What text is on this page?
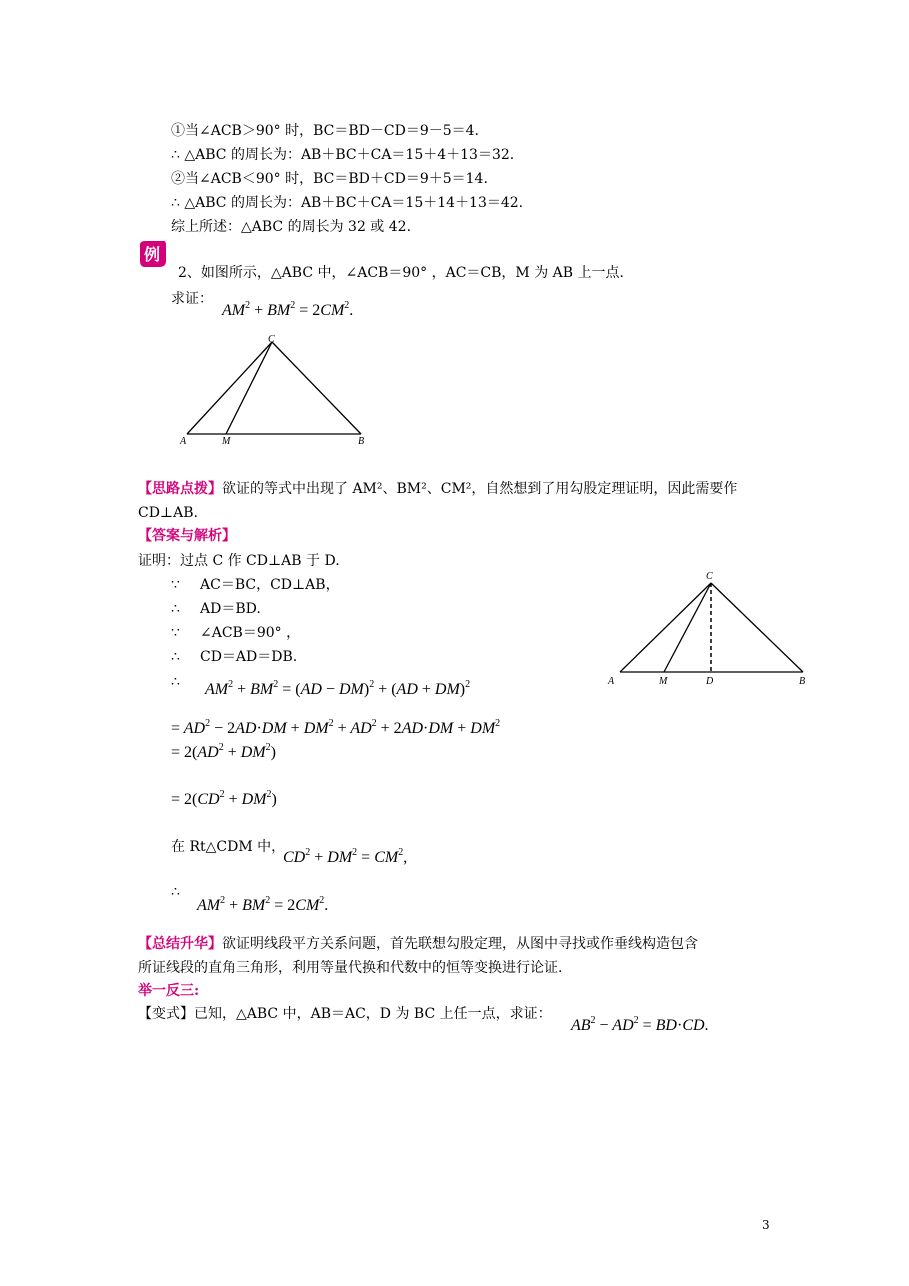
①当∠ACB＞90° 时，BC＝BD－CD＝9－5＝4.
∴ △ABC 的周长为：AB＋BC＋CA＝15＋4＋13＝32.
②当∠ACB＜90° 时，BC＝BD＋CD＝9＋5＝14.
∴ △ABC 的周长为：AB＋BC＋CA＝15＋14＋13＝42.
综上所述：△ABC 的周长为 32 或 42.
例
2、如图所示，△ABC 中，∠ACB＝90° ，AC＝CB，M 为 AB 上一点.
求证：
$AM^2 + BM^2 = 2CM^2$.
C
A	M	B
【思路点拨】欲证的等式中出现了 AM²、BM²、CM²，自然想到了用勾股定理证明，因此需要作
CD⊥AB.
【答案与解析】
证明：过点 C 作 CD⊥AB 于 D.
∵ AC＝BC，CD⊥AB，
∴ AD＝BD.
∵ ∠ACB＝90° ，
∴ CD＝AD＝DB.
∴ $AM^2 + BM^2 = (AD - DM)^2 + (AD + DM)^2$
= $AD^2 - 2AD\cdot DM + DM^2 + AD^2 + 2AD\cdot DM + DM^2$
= $2(AD^2 + DM^2)$
= $2(CD^2 + DM^2)$
在 Rt△CDM 中，
$CD^2 + DM^2 = CM^2$,
∴
$AM^2 + BM^2 = 2CM^2$.
C
A	M	D	B
【总结升华】欲证明线段平方关系问题，首先联想勾股定理，从图中寻找或作垂线构造包含
所证线段的直角三角形，利用等量代换和代数中的恒等变换进行论证.
举一反三:
【变式】已知，△ABC 中，AB＝AC，D 为 BC 上任一点，求证：
$AB^2 - AD^2 = BD\cdot CD$.
3
